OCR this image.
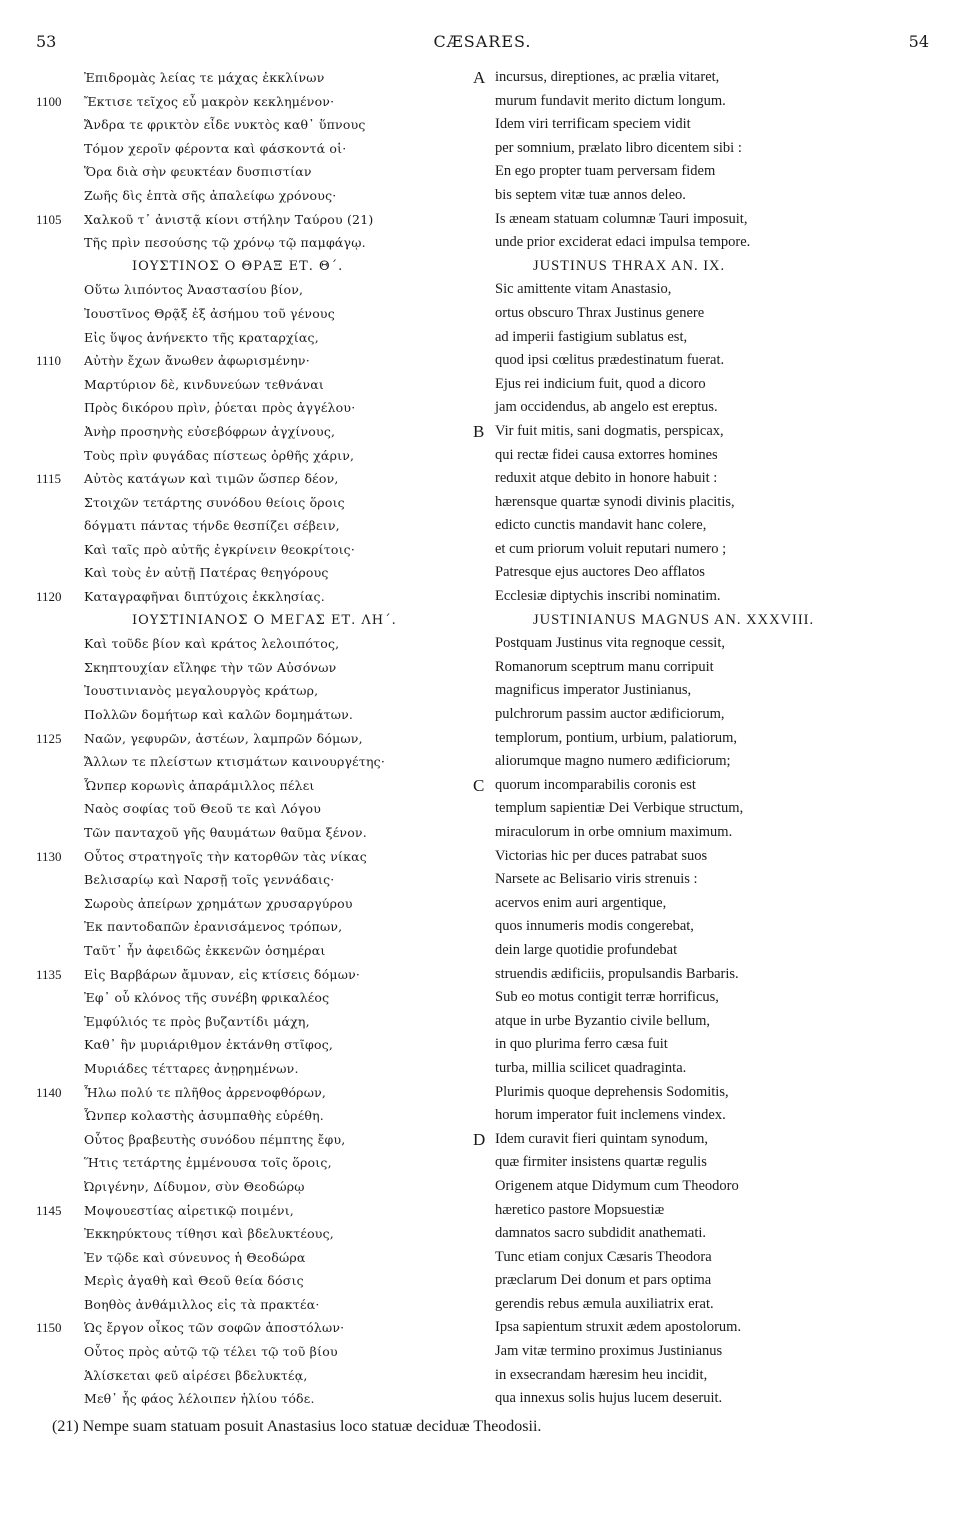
53	CÆSARES.	54
Ἐπιδρομὰς λείας τε μάχας ἐκκλίνων
1100 Ἔκτισε τεῖχος εὖ μακρὸν κεκλημένον·
Ἄνδρα τε φρικτὸν εἶδε νυκτὸς καθ᾽ ὕπνους
Τόμον χεροῖν φέροντα καὶ φάσκοντά οἱ·
Ὅρα διὰ σὴν φευκτέαν δυσπιστίαν
Ζωῆς δὶς ἑπτὰ σῆς ἀπαλείφω χρόνους·
1105 Χαλκοῦ τ᾽ ἀνιστᾷ κίονι στήλην Ταύρου (21)
Τῆς πρὶν πεσούσης τῷ χρόνῳ τῷ παμφάγῳ.
ΙΟΥΣΤΙΝΟΣ Ο ΘΡΑΞ ΕΤ. Θ΄.
Οὕτω λιπόντος Ἀναστασίου βίον,
Ἰουστῖνος Θρᾷξ ἐξ ἀσήμου τοῦ γένους
Εἰς ὕψος ἀνήνεκτο τῆς κραταρχίας,
1110 Αὐτὴν ἔχων ἄνωθεν ἀφωρισμένην·
Μαρτύριον δὲ, κινδυνεύων τεθνάναι
Πρὸς δικόρου πρὶν, ῥύεται πρὸς ἀγγέλου·
Ἀνὴρ προσηνὴς εὐσεβόφρων ἀγχίνους,
Τοὺς πρὶν φυγάδας πίστεως ὀρθῆς χάριν,
1115 Αὐτὸς κατάγων καὶ τιμῶν ὥσπερ δέον,
Στοιχῶν τετάρτης συνόδου θείοις ὅροις
δόγματι πάντας τήνδε θεσπίζει σέβειν,
Καὶ ταῖς πρὸ αὐτῆς ἐγκρίνειν θεοκρίτοις·
Καὶ τοὺς ἐν αὐτῇ Πατέρας θεηγόρους
1120 Καταγραφῆναι διπτύχοις ἐκκλησίας.
ΙΟΥΣΤΙΝΙΑΝΟΣ Ο ΜΕΓΑΣ ΕΤ. ΛΗ΄.
Καὶ τοῦδε βίον καὶ κράτος λελοιπότος,
Σκηπτουχίαν εἴληφε τὴν τῶν Αὐσόνων
Ἰουστινιανὸς μεγαλουργὸς κράτωρ,
Πολλῶν δομήτωρ καὶ καλῶν δομημάτων.
1125 Ναῶν, γεφυρῶν, ἀστέων, λαμπρῶν δόμων,
Ἄλλων τε πλείστων κτισμάτων καινουργέτης·
Ὧνπερ κορωνὶς ἀπαράμιλλος πέλει
Ναὸς σοφίας τοῦ Θεοῦ τε καὶ Λόγου
Τῶν πανταχοῦ γῆς θαυμάτων θαῦμα ξένον.
1130 Οὗτος στρατηγοῖς τὴν κατορθῶν τὰς νίκας
Βελισαρίῳ καὶ Ναρσῇ τοῖς γεννάδαις·
Σωροὺς ἀπείρων χρημάτων χρυσαργύρου
Ἐκ παντοδαπῶν ἐρανισάμενος τρόπων,
Ταῦτ᾽ ἦν ἀφειδῶς ἐκκενῶν ὁσημέραι
1135 Εἰς Βαρβάρων ἄμυναν, εἰς κτίσεις δόμων·
Ἐφ᾽ οὗ κλόνος τῆς συνέβη φρικαλέος
Ἐμφύλιός τε πρὸς βυζαντίδι μάχη,
Καθ᾽ ἣν μυριάριθμον ἐκτάνθη στῖφος,
Μυριάδες τέτταρες ἀνῃρημένων.
1140 Ἧλω πολύ τε πλῆθος ἀρρενοφθόρων,
Ὧνπερ κολαστὴς ἀσυμπαθὴς εὑρέθη.
Οὗτος βραβευτὴς συνόδου πέμπτης ἔφυ,
Ἥτις τετάρτης ἐμμένουσα τοῖς ὅροις,
Ὠριγένην, Δίδυμον, σὺν Θεοδώρῳ
1145 Μοψουεστίας αἱρετικῷ ποιμένι,
Ἐκκηρύκτους τίθησι καὶ βδελυκτέους,
Ἐν τῷδε καὶ σύνευνος ἡ Θεοδώρα
Μερὶς ἀγαθὴ καὶ Θεοῦ θεία δόσις
Βοηθὸς ἀνθάμιλλος εἰς τὰ πρακτέα·
1150 Ὡς ἔργον οἶκος τῶν σοφῶν ἀποστόλων·
Οὗτος πρὸς αὐτῷ τῷ τέλει τῷ τοῦ βίου
Ἁλίσκεται φεῦ αἱρέσει βδελυκτέᾳ,
Μεθ᾽ ἧς φάος λέλοιπεν ἡλίου τόδε.
A incursus, direptiones, ac prælia vitaret,
murum fundavit merito dictum longum.
Idem viri terrificam speciem vidit
per somnium, prælato libro dicentem sibi :
En ego propter tuam perversam fidem
bis septem vitæ tuæ annos deleo.
Is æneam statuam columnæ Tauri imposuit,
unde prior exciderat edaci impulsa tempore.
JUSTINUS THRAX AN. IX.
Sic amittente vitam Anastasio,
ortus obscuro Thrax Justinus genere
ad imperii fastigium sublatus est,
quod ipsi cœlitus prædestinatum fuerat.
Ejus rei indicium fuit, quod a dicoro
jam occidendus, ab angelo est ereptus.
B Vir fuit mitis, sani dogmatis, perspicax,
qui rectæ fidei causa extorres homines
reduxit atque debito in honore habuit :
hærensque quartæ synodi divinis placitis,
edicto cunctis mandavit hanc colere,
et cum priorum voluit reputari numero ;
Patresque ejus auctores Deo afflatos
Ecclesiæ diptychis inscribi nominatim.
JUSTINIANUS MAGNUS AN. XXXVIII.
Postquam Justinus vita regnoque cessit,
Romanorum sceptrum manu corripuit
magnificus imperator Justinianus,
pulchrorum passim auctor ædificiorum,
templorum, pontium, urbium, palatiorum,
aliorumque magno numero ædificiorum;
C quorum incomparabilis coronis est
templum sapientiæ Dei Verbique structum,
miraculorum in orbe omnium maximum.
Victorias hic per duces patrabat suos
Narsete ac Belisario viris strenuis :
acervos enim auri argentique,
quos innumeris modis congerebat,
dein large quotidie profundebat
struendis ædificiis, propulsandis Barbaris.
Sub eo motus contigit terræ horrificus,
atque in urbe Byzantio civile bellum,
in quo plurima ferro cæsa fuit
turba, millia scilicet quadraginta.
Plurimis quoque deprehensis Sodomitis,
horum imperator fuit inclemens vindex.
D Idem curavit fieri quintam synodum,
quæ firmiter insistens quartæ regulis
Origenem atque Didymum cum Theodoro
hæretico pastore Mopsuestiæ
damnatos sacro subdidit anathemati.
Tunc etiam conjux Cæsaris Theodora
præclarum Dei donum et pars optima
gerendis rebus æmula auxiliatrix erat.
Ipsa sapientum struxit ædem apostolorum.
Jam vitæ termino proximus Justinianus
in exsecrandam hæresim heu incidit,
qua innexus solis hujus lucem deseruit.
(21) Nempe suam statuam posuit Anastasius loco statuæ deciduæ Theodosii.
